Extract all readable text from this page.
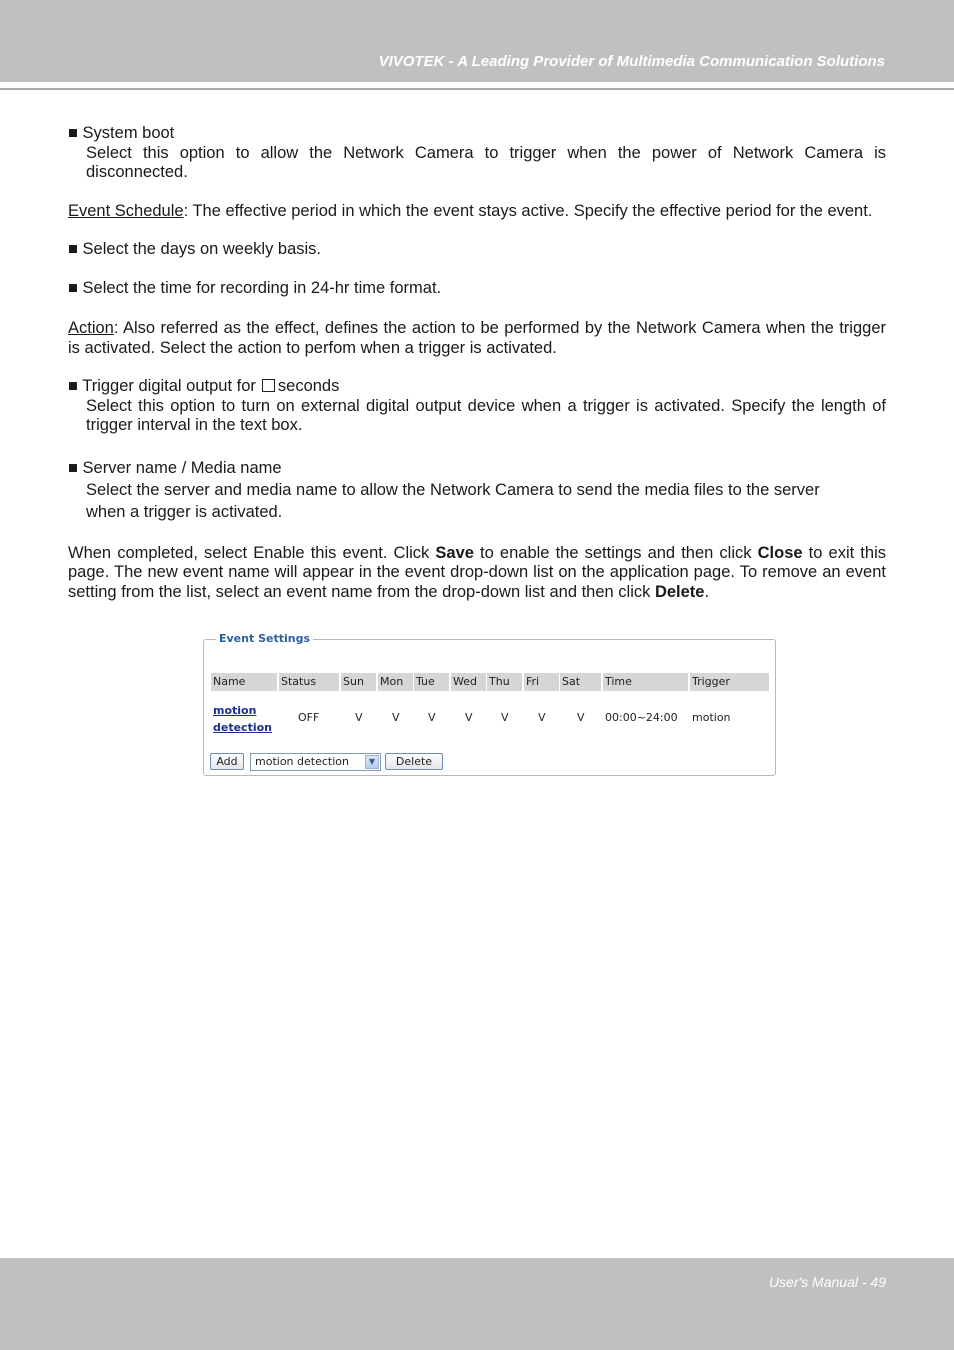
VIVOTEK - A Leading Provider of Multimedia Communication Solutions
■ System boot
Select this option to allow the Network Camera to trigger when the power of Network Camera is disconnected.
Event Schedule: The effective period in which the event stays active. Specify the effective period for the event.
■ Select the days on weekly basis.
■ Select the time for recording in 24-hr time format.
Action: Also referred as the effect, defines the action to be performed by the Network Camera when the trigger is activated. Select the action to perfom when a trigger is activated.
■ Trigger digital output for seconds
Select this option to turn on external digital output device when a trigger is activated. Specify the length of trigger interval in the text box.
■ Server name / Media name
Select the server and media name to allow the Network Camera to send the media files to the server
when a trigger is activated.
When completed, select Enable this event. Click Save to enable the settings and then click Close to exit this page. The new event name will appear in the event drop-down list on the application page. To remove an event setting from the list, select an event name from the drop-down list and then click Delete.
Event Settings
Name	Status	Sun	Mon	Tue	Wed	Thu	Fri	Sat	Time	Trigger
motion
detection
OFF	V	V	V	V	V	V	V 00:00~24:00 motion
Add	motion detection	▼	Delete
User's Manual - 49
